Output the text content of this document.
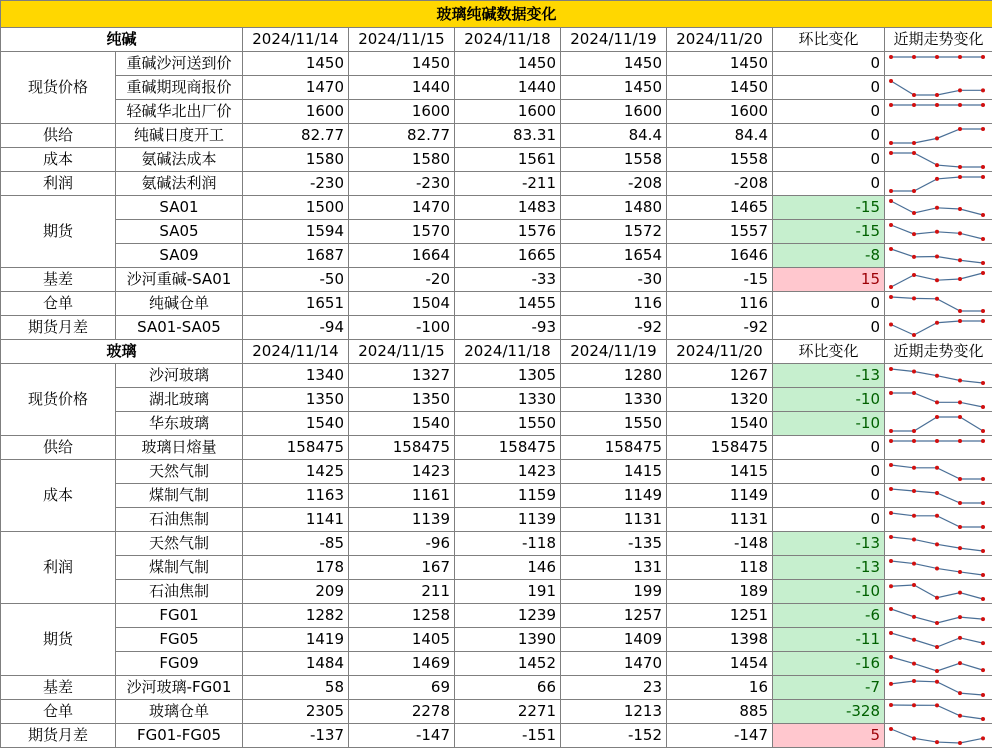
玻璃纯碱数据变化								
纯碱		2024/11/14	2024/11/15	2024/11/18	2024/11/19	2024/11/20	环比变化	近期走势变化
现货价格	重碱沙河送到价	1450	1450	1450	1450	1450	0	

	重碱期现商报价	1470	1440	1440	1450	1450	0	

	轻碱华北出厂价	1600	1600	1600	1600	1600	0	

供给	纯碱日度开工	82.77	82.77	83.31	84.4	84.4	0	

成本	氨碱法成本	1580	1580	1561	1558	1558	0	

利润	氨碱法利润	-230	-230	-211	-208	-208	0	

期货	SA01	1500	1470	1483	1480	1465	-15	

	SA05	1594	1570	1576	1572	1557	-15	

	SA09	1687	1664	1665	1654	1646	-8	

基差	沙河重碱-SA01	-50	-20	-33	-30	-15	15	

仓单	纯碱仓单	1651	1504	1455	116	116	0	

期货月差	SA01-SA05	-94	-100	-93	-92	-92	0	

玻璃		2024/11/14	2024/11/15	2024/11/18	2024/11/19	2024/11/20	环比变化	近期走势变化
现货价格	沙河玻璃	1340	1327	1305	1280	1267	-13	

	湖北玻璃	1350	1350	1330	1330	1320	-10	

	华东玻璃	1540	1540	1550	1550	1540	-10	

供给	玻璃日熔量	158475	158475	158475	158475	158475	0	

成本	天然气制	1425	1423	1423	1415	1415	0	

	煤制气制	1163	1161	1159	1149	1149	0	

	石油焦制	1141	1139	1139	1131	1131	0	

利润	天然气制	-85	-96	-118	-135	-148	-13	

	煤制气制	178	167	146	131	118	-13	

	石油焦制	209	211	191	199	189	-10	

期货	FG01	1282	1258	1239	1257	1251	-6	

	FG05	1419	1405	1390	1409	1398	-11	

	FG09	1484	1469	1452	1470	1454	-16	

基差	沙河玻璃-FG01	58	69	66	23	16	-7	

仓单	玻璃仓单	2305	2278	2271	1213	885	-328	

期货月差	FG01-FG05	-137	-147	-151	-152	-147	5	
